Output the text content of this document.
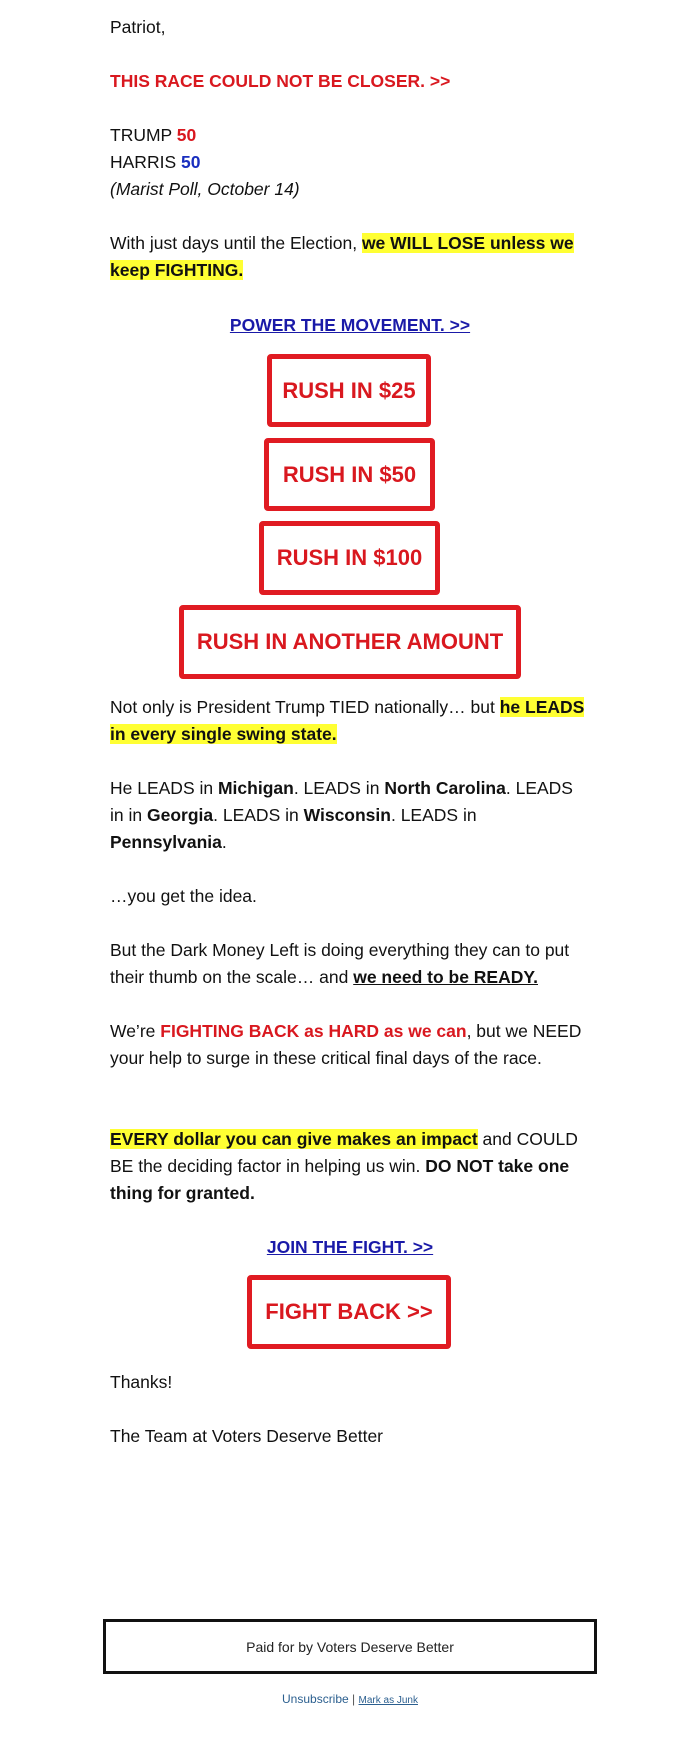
Patriot,

THIS RACE COULD NOT BE CLOSER. >>

TRUMP 50
HARRIS 50
(Marist Poll, October 14)

With just days until the Election, we WILL LOSE unless we keep FIGHTING.

POWER THE MOVEMENT. >>

Not only is President Trump TIED nationally… but he LEADS in every single swing state.

He LEADS in Michigan. LEADS in North Carolina. LEADS in in Georgia. LEADS in Wisconsin. LEADS in Pennsylvania.

…you get the idea.

But the Dark Money Left is doing everything they can to put their thumb on the scale… and we need to be READY.

We’re FIGHTING BACK as HARD as we can, but we NEED your help to surge in these critical final days of the race.

EVERY dollar you can give makes an impact and COULD BE the deciding factor in helping us win. DO NOT take one thing for granted.

JOIN THE FIGHT. >>

Thanks!

The Team at Voters Deserve Better

RUSH IN $25
RUSH IN $50
RUSH IN $100
RUSH IN ANOTHER AMOUNT
FIGHT BACK >>
Paid for by Voters Deserve Better
Unsubscribe | Mark as Junk
